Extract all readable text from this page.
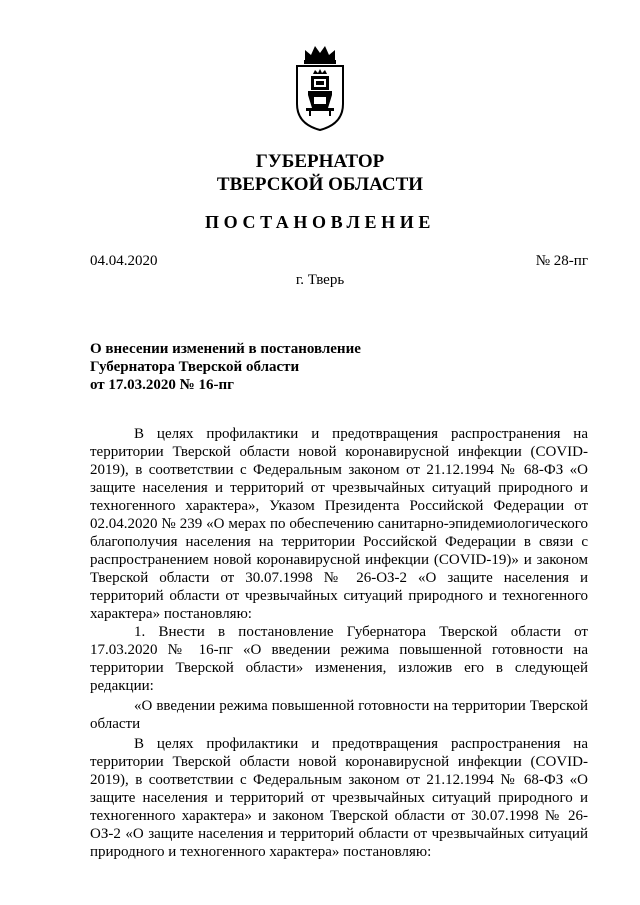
ГУБЕРНАТОР
ТВЕРСКОЙ ОБЛАСТИ
ПОСТАНОВЛЕНИЕ
04.04.2020	№ 28-пг
г. Тверь
О внесении изменений в постановление
Губернатора Тверской области
от 17.03.2020 № 16-пг

В целях профилактики и предотвращения распространения на территории Тверской области новой коронавирусной инфекции (COVID-2019), в соответствии с Федеральным законом от 21.12.1994 № 68-ФЗ «О защите населения и территорий от чрезвычайных ситуаций природного и техногенного характера», Указом Президента Российской Федерации от 02.04.2020 № 239 «О мерах по обеспечению санитарно-эпидемиологического благополучия населения на территории Российской Федерации в связи с распространением новой коронавирусной инфекции (COVID-19)» и законом Тверской области от 30.07.1998 № 26-ОЗ-2 «О защите населения и территорий области от чрезвычайных ситуаций природного и техногенного характера» постановляю:

1. Внести в постановление Губернатора Тверской области от 17.03.2020 № 16-пг «О введении режима повышенной готовности на территории Тверской области» изменения, изложив его в следующей редакции:

«О введении режима повышенной готовности на территории Тверской области

В целях профилактики и предотвращения распространения на территории Тверской области новой коронавирусной инфекции (COVID-2019), в соответствии с Федеральным законом от 21.12.1994 № 68-ФЗ «О защите населения и территорий от чрезвычайных ситуаций природного и техногенного характера» и законом Тверской области от 30.07.1998 № 26-ОЗ-2 «О защите населения и территорий области от чрезвычайных ситуаций природного и техногенного характера» постановляю:
